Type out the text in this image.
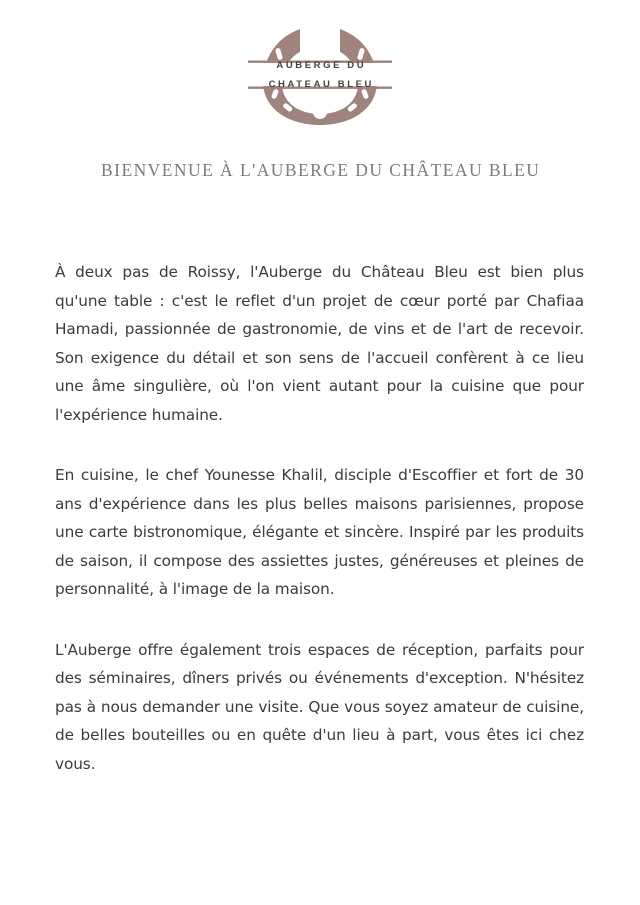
AUBERGE DU
CHATEAU BLEU
BIENVENUE À L'AUBERGE DU CHÂTEAU BLEU

À deux pas de Roissy, l'Auberge du Château Bleu est bien plus qu'une table : c'est le reflet d'un projet de cœur porté par Chafiaa Hamadi, passionnée de gastronomie, de vins et de l'art de recevoir. Son exigence du détail et son sens de l'accueil confèrent à ce lieu une âme singulière, où l'on vient autant pour la cuisine que pour l'expérience humaine.

En cuisine, le chef Younesse Khalil, disciple d'Escoffier et fort de 30 ans d'expérience dans les plus belles maisons parisiennes, propose une carte bistronomique, élégante et sincère. Inspiré par les produits de saison, il compose des assiettes justes, généreuses et pleines de personnalité, à l'image de la maison.

L'Auberge offre également trois espaces de réception, parfaits pour des séminaires, dîners privés ou événements d'exception. N'hésitez pas à nous demander une visite. Que vous soyez amateur de cuisine, de belles bouteilles ou en quête d'un lieu à part, vous êtes ici chez vous.
